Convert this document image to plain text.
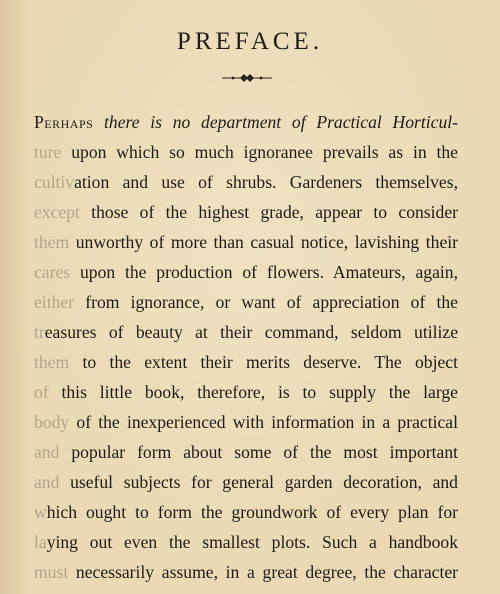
PREFACE.
Perhaps there is no department of Practical Horticul-
ture upon which so much ignoranee prevails as in the
cultivation and use of shrubs. Gardeners themselves,
except those of the highest grade, appear to consider
them unworthy of more than casual notice, lavishing their
cares upon the production of flowers. Amateurs, again,
either from ignorance, or want of appreciation of the
treasures of beauty at their command, seldom utilize
them to the extent their merits deserve. The object
of this little book, therefore, is to supply the large
body of the inexperienced with information in a practical
and popular form about some of the most important
and useful subjects for general garden decoration, and
which ought to form the groundwork of every plan for
laying out even the smallest plots. Such a handbook
must necessarily assume, in a great degree, the character
